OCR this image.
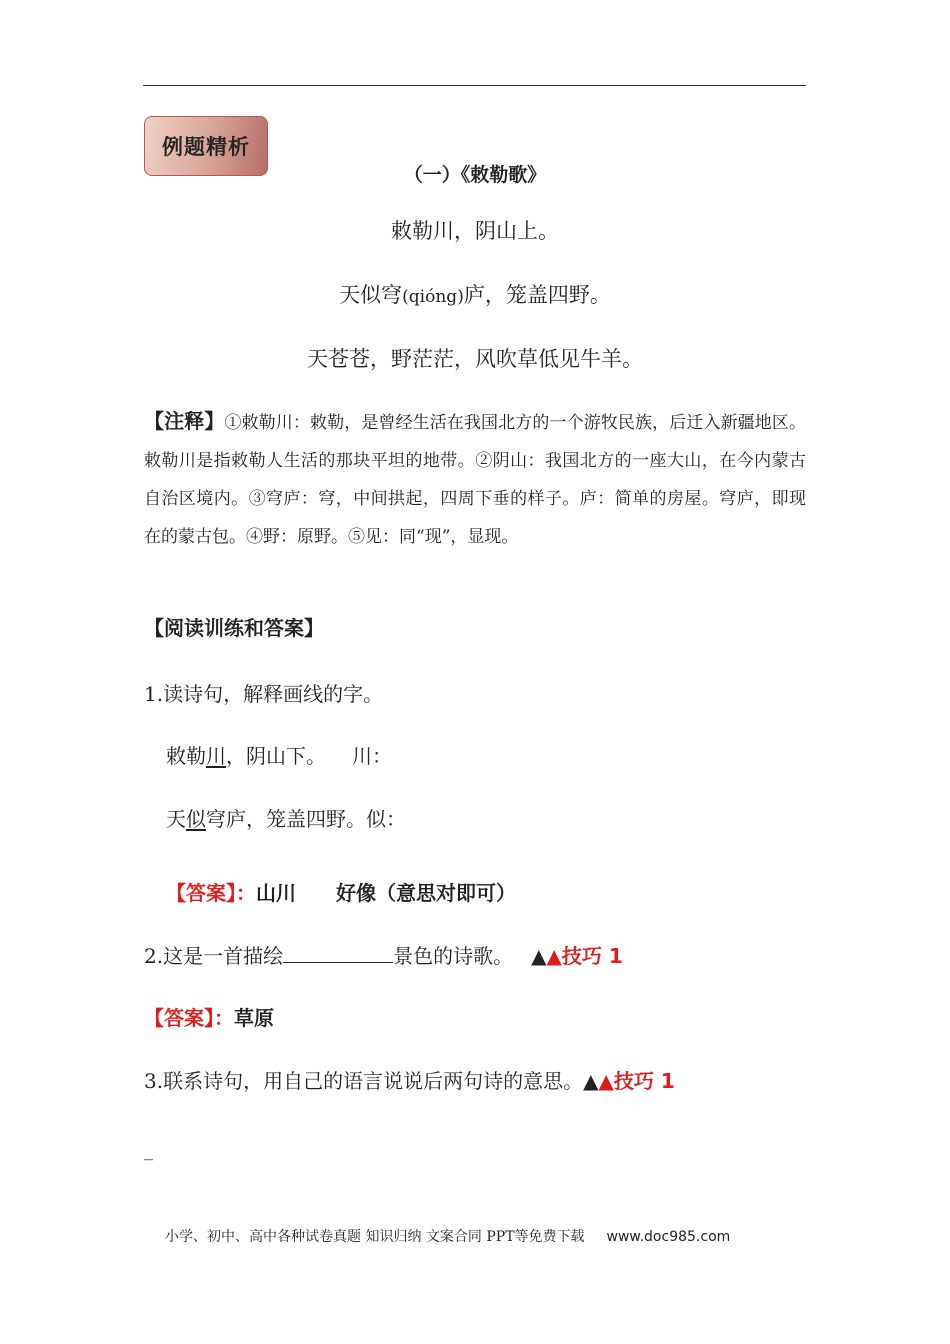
例题精析
（一）《敕勒歌》
敕勒川，阴山上。
天似穹(qióng)庐，笼盖四野。
天苍苍，野茫茫，风吹草低见牛羊。
【注释】①敕勒川：敕勒，是曾经生活在我国北方的一个游牧民族，后迁入新疆地区。敕勒川是指敕勒人生活的那块平坦的地带。②阴山：我国北方的一座大山，在今内蒙古自治区境内。③穹庐：穹，中间拱起，四周下垂的样子。庐：简单的房屋。穹庐，即现在的蒙古包。④野：原野。⑤见：同“现”，显现。
【阅读训练和答案】
1.读诗句，解释画线的字。
敕勒川，阴山下。 川：
天似穹庐，笼盖四野。似：
【答案】：山川　　好像（意思对即可）
2.这是一首描绘	景色的诗歌。 ▲▲技巧 1
【答案】：草原
3.联系诗句，用自己的语言说说后两句诗的意思。▲▲技巧 1
_
小学、初中、高中各种试卷真题 知识归纳 文案合同 PPT等免费下载 www.doc985.com
